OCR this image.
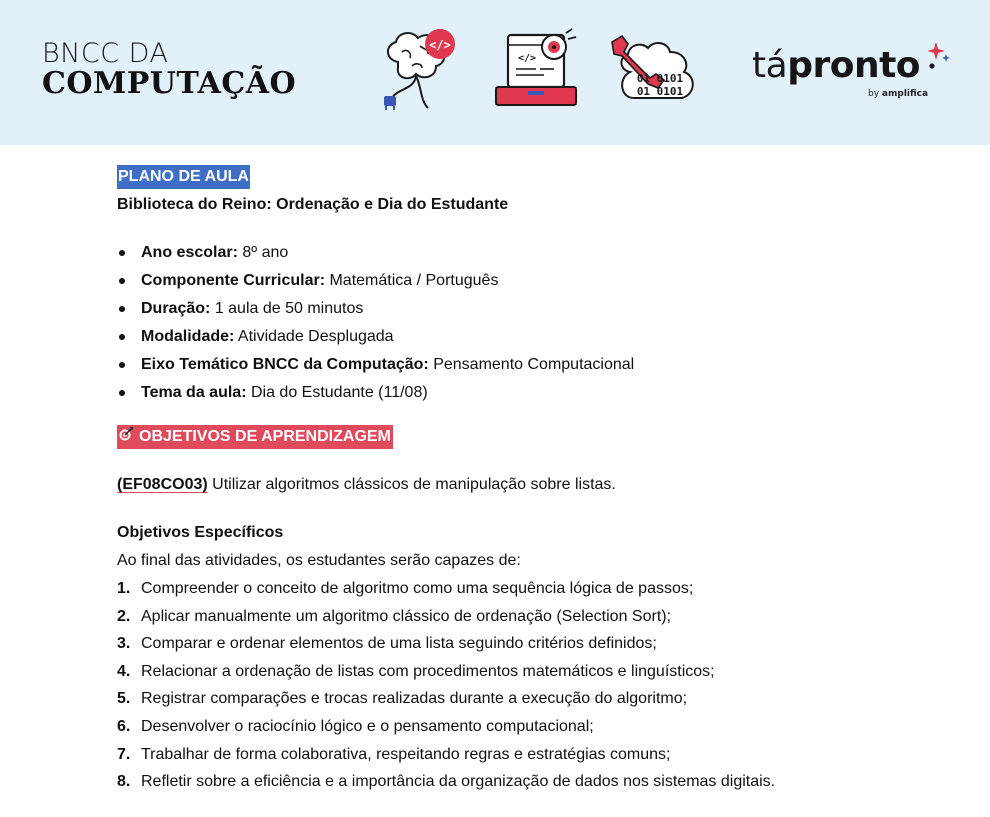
BNCC DA
COMPUTAÇÃO
</>
</>
01 0101
01 0101
tápronto
by amplifica
PLANO DE AULA
Biblioteca do Reino: Ordenação e Dia do Estudante
Ano escolar: 8º ano
Componente Curricular: Matemática / Português
Duração: 1 aula de 50 minutos
Modalidade: Atividade Desplugada
Eixo Temático BNCC da Computação: Pensamento Computacional
Tema da aula: Dia do Estudante (11/08)
OBJETIVOS DE APRENDIZAGEM
(EF08CO03) Utilizar algoritmos clássicos de manipulação sobre listas.
Objetivos Específicos
Ao final das atividades, os estudantes serão capazes de:
1. Compreender o conceito de algoritmo como uma sequência lógica de passos;
2. Aplicar manualmente um algoritmo clássico de ordenação (Selection Sort);
3. Comparar e ordenar elementos de uma lista seguindo critérios definidos;
4. Relacionar a ordenação de listas com procedimentos matemáticos e linguísticos;
5. Registrar comparações e trocas realizadas durante a execução do algoritmo;
6. Desenvolver o raciocínio lógico e o pensamento computacional;
7. Trabalhar de forma colaborativa, respeitando regras e estratégias comuns;
8. Refletir sobre a eficiência e a importância da organização de dados nos sistemas digitais.
